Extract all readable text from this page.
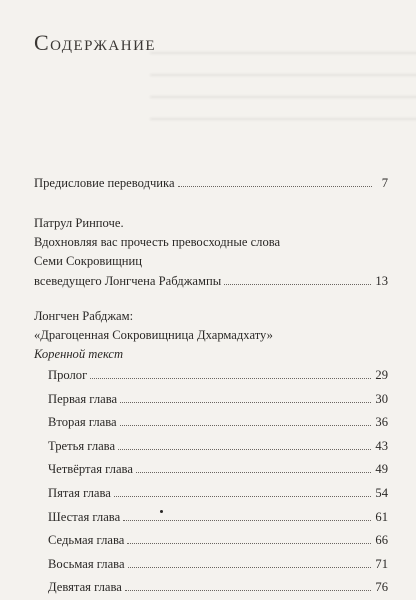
Содержание
Предисловие переводчика	7
Патрул Ринпоче.
Вдохновляя вас прочесть превосходные слова
Семи Сокровищниц
всеведущего Лонгчена Рабджампы	13
Лонгчен Рабджам:
«Драгоценная Сокровищница Дхармадхату»
Коренной текст
Пролог	29
Первая глава	30
Вторая глава	36
Третья глава	43
Четвёртая глава	49
Пятая глава	54
Шестая глава	61
Седьмая глава	66
Восьмая глава	71
Девятая глава	76
